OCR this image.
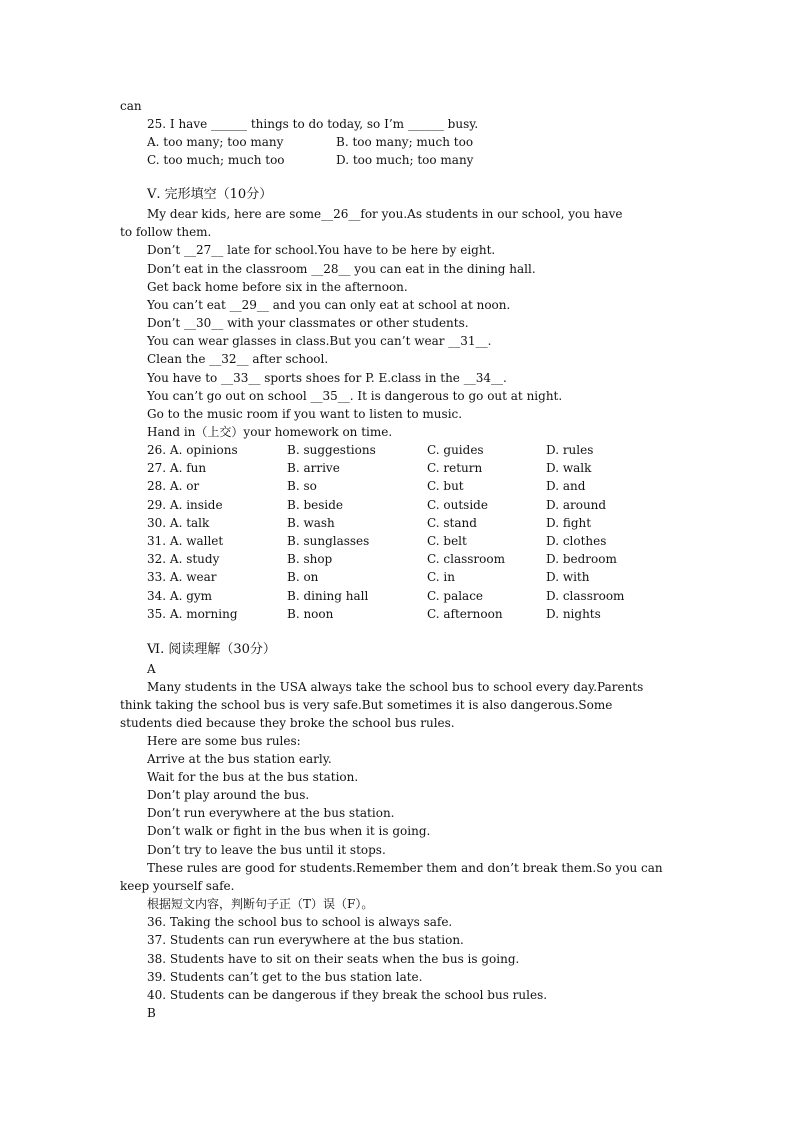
can
25. I have ______ things to do today, so I’m ______ busy.
A. too many; too many	B. too many; much too
C. too much; much too	D. too much; too many
Ⅴ. 完形填空（10分）
My dear kids, here are some__26__for you.As students in our school, you have
to follow them.
Don’t __27__ late for school.You have to be here by eight.
Don’t eat in the classroom __28__ you can eat in the dining hall.
Get back home before six in the afternoon.
You can’t eat __29__ and you can only eat at school at noon.
Don’t __30__ with your classmates or other students.
You can wear glasses in class.But you can’t wear __31__.
Clean the __32__ after school.
You have to __33__ sports shoes for P. E.class in the __34__.
You can’t go out on school __35__. It is dangerous to go out at night.
Go to the music room if you want to listen to music.
Hand in（上交）your homework on time.
26. A. opinions	B. suggestions	C. guides	D. rules
27. A. fun	B. arrive	C. return	D. walk
28. A. or	B. so	C. but	D. and
29. A. inside	B. beside	C. outside	D. around
30. A. talk	B. wash	C. stand	D. fight
31. A. wallet	B. sunglasses	C. belt	D. clothes
32. A. study	B. shop	C. classroom	D. bedroom
33. A. wear	B. on	C. in	D. with
34. A. gym	B. dining hall	C. palace	D. classroom
35. A. morning	B. noon	C. afternoon	D. nights
Ⅵ. 阅读理解（30分）
A
Many students in the USA always take the school bus to school every day.Parents
think taking the school bus is very safe.But sometimes it is also dangerous.Some
students died because they broke the school bus rules.
Here are some bus rules:
Arrive at the bus station early.
Wait for the bus at the bus station.
Don’t play around the bus.
Don’t run everywhere at the bus station.
Don’t walk or fight in the bus when it is going.
Don’t try to leave the bus until it stops.
These rules are good for students.Remember them and don’t break them.So you can
keep yourself safe.
根据短文内容，判断句子正（T）误（F）。
36. Taking the school bus to school is always safe.
37. Students can run everywhere at the bus station.
38. Students have to sit on their seats when the bus is going.
39. Students can’t get to the bus station late.
40. Students can be dangerous if they break the school bus rules.
B
